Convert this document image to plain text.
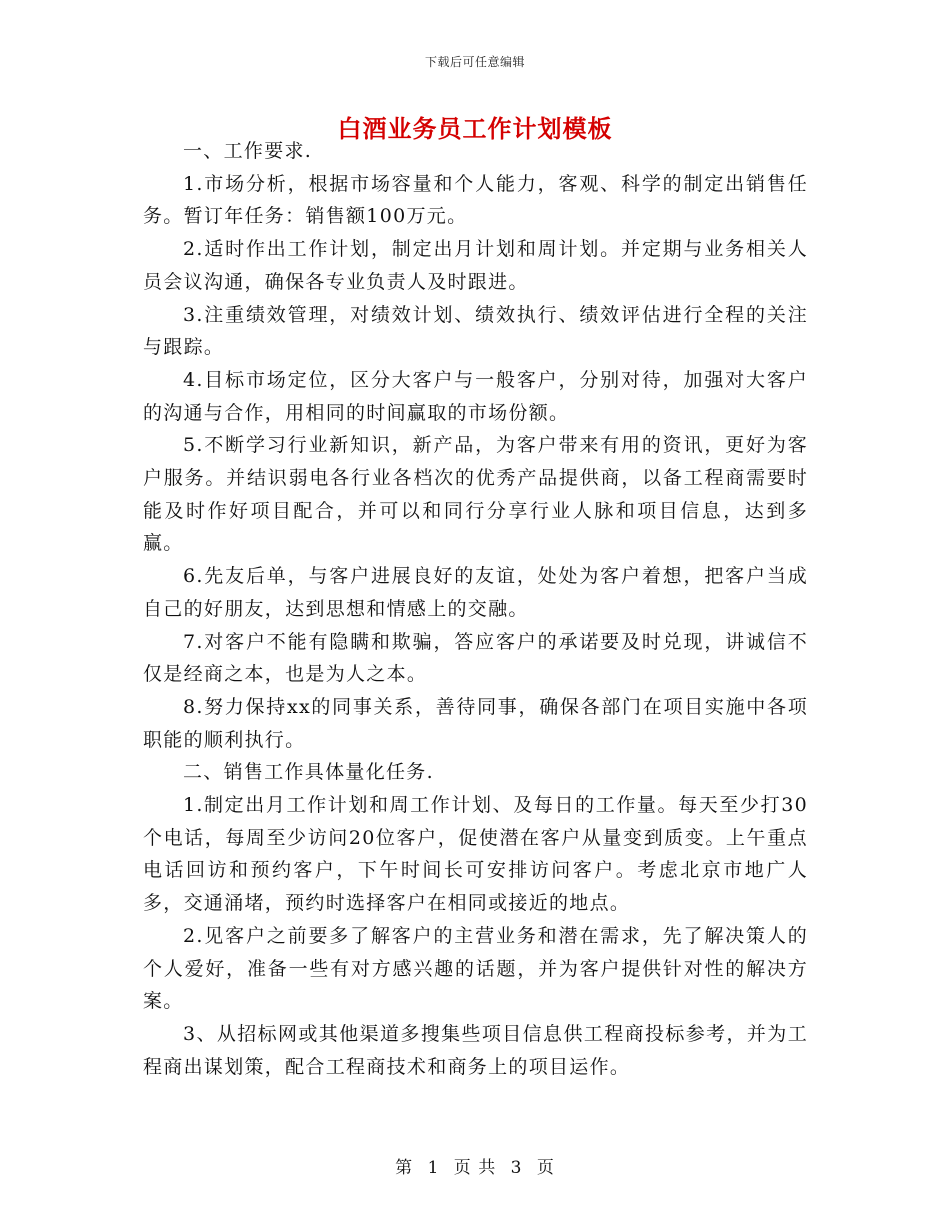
下载后可任意编辑
白酒业务员工作计划模板

一、工作要求.

1.市场分析，根据市场容量和个人能力，客观、科学的制定出销售任务。暂订年任务：销售额100万元。

2.适时作出工作计划，制定出月计划和周计划。并定期与业务相关人员会议沟通，确保各专业负责人及时跟进。

3.注重绩效管理，对绩效计划、绩效执行、绩效评估进行全程的关注与跟踪。

4.目标市场定位，区分大客户与一般客户，分别对待，加强对大客户的沟通与合作，用相同的时间赢取的市场份额。

5.不断学习行业新知识，新产品，为客户带来有用的资讯，更好为客户服务。并结识弱电各行业各档次的优秀产品提供商，以备工程商需要时能及时作好项目配合，并可以和同行分享行业人脉和项目信息，达到多赢。

6.先友后单，与客户进展良好的友谊，处处为客户着想，把客户当成自己的好朋友，达到思想和情感上的交融。

7.对客户不能有隐瞒和欺骗，答应客户的承诺要及时兑现，讲诚信不仅是经商之本，也是为人之本。

8.努力保持xx的同事关系，善待同事，确保各部门在项目实施中各项职能的顺利执行。

二、销售工作具体量化任务.

1.制定出月工作计划和周工作计划、及每日的工作量。每天至少打30个电话，每周至少访问20位客户，促使潜在客户从量变到质变。上午重点电话回访和预约客户，下午时间长可安排访问客户。考虑北京市地广人多，交通涌堵，预约时选择客户在相同或接近的地点。

2.见客户之前要多了解客户的主营业务和潜在需求，先了解决策人的个人爱好，准备一些有对方感兴趣的话题，并为客户提供针对性的解决方案。

3、从招标网或其他渠道多搜集些项目信息供工程商投标参考，并为工程商出谋划策，配合工程商技术和商务上的项目运作。

第 1 页 共 3 页
